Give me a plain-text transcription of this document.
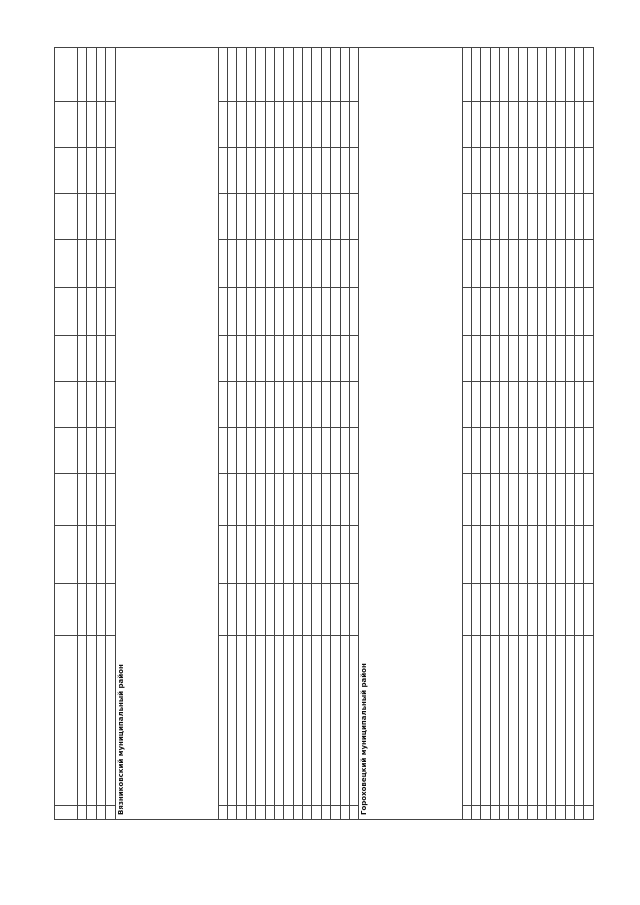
Вязниковский муниципальный район													

Гороховецкий муниципальный район													
